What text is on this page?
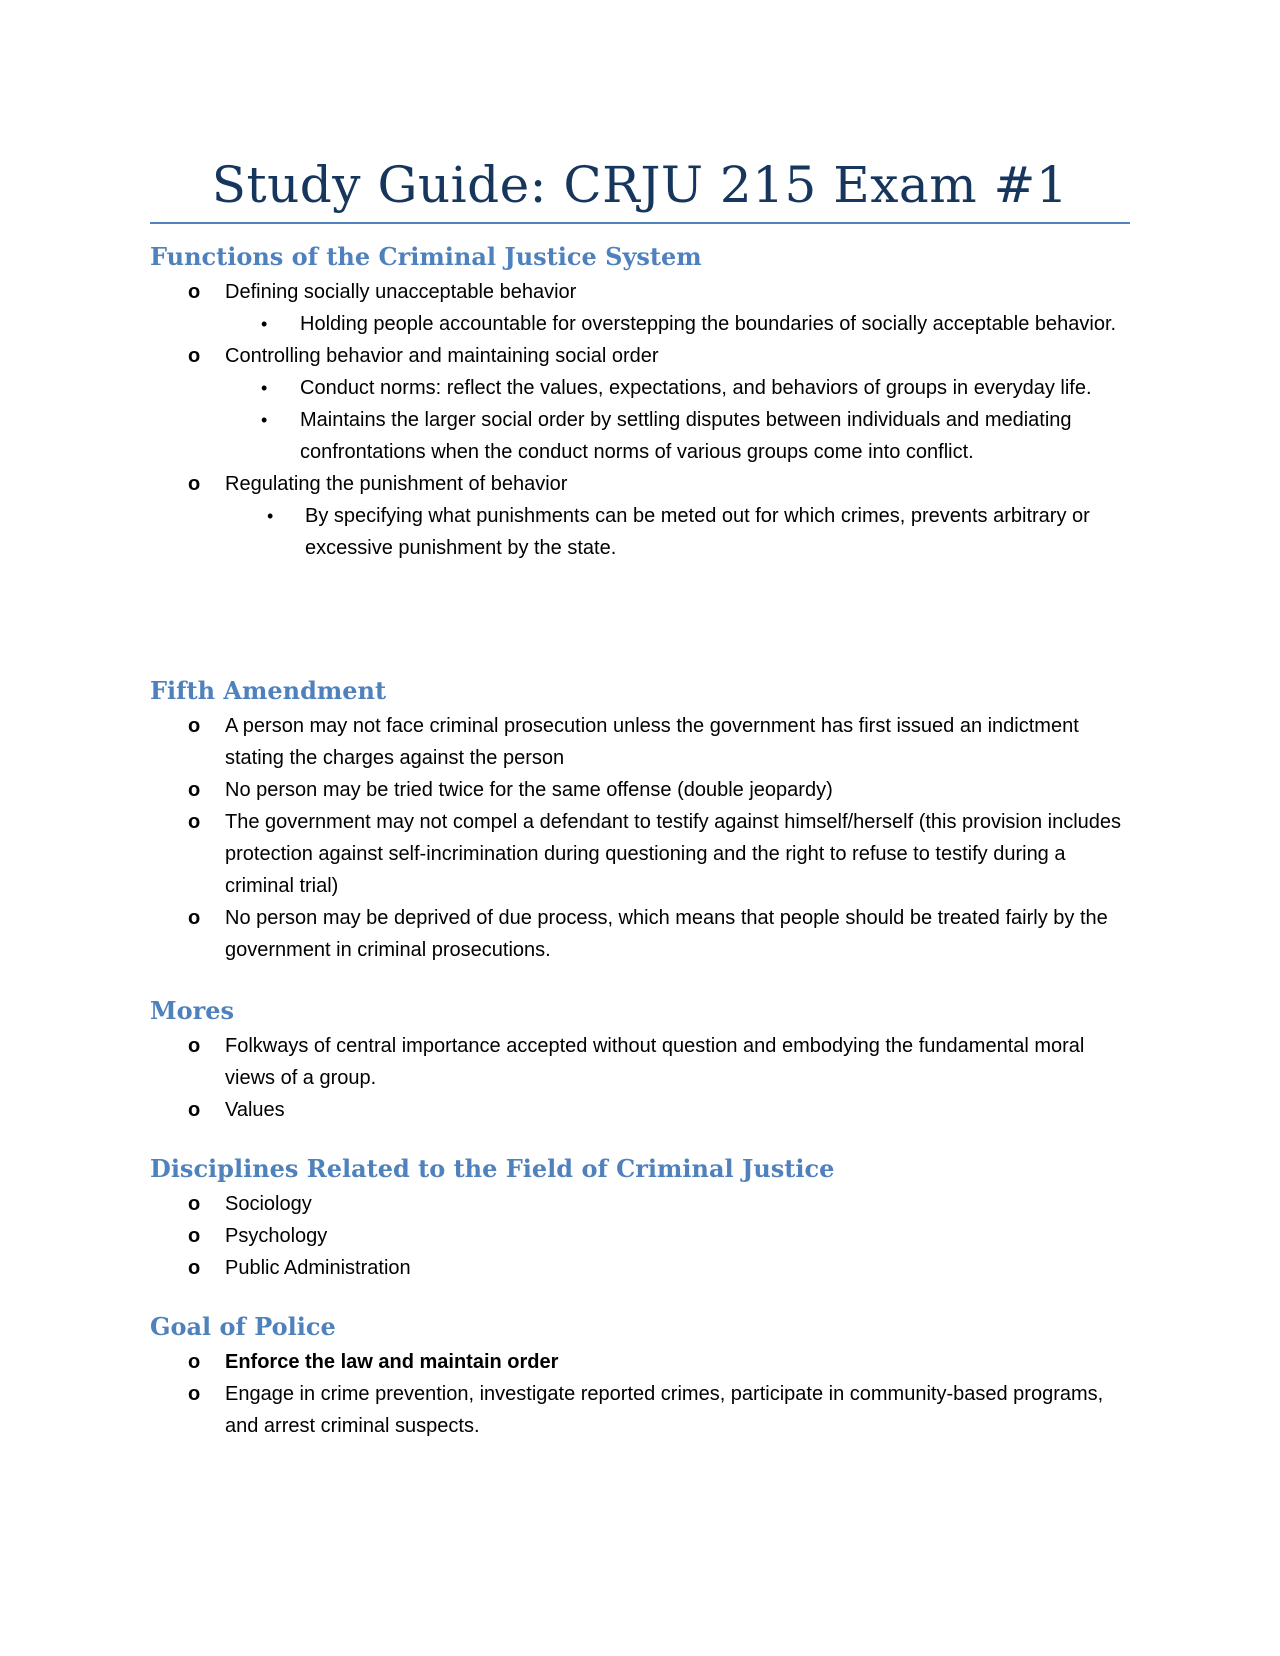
Study Guide: CRJU 215 Exam #1
Functions of the Criminal Justice System
o Defining socially unacceptable behavior
• Holding people accountable for overstepping the boundaries of socially acceptable behavior.
o Controlling behavior and maintaining social order
• Conduct norms: reflect the values, expectations, and behaviors of groups in everyday life.
• Maintains the larger social order by settling disputes between individuals and mediating confrontations when the conduct norms of various groups come into conflict.
o Regulating the punishment of behavior
• By specifying what punishments can be meted out for which crimes, prevents arbitrary or excessive punishment by the state.
Fifth Amendment
o A person may not face criminal prosecution unless the government has first issued an indictment stating the charges against the person
o No person may be tried twice for the same offense (double jeopardy)
o The government may not compel a defendant to testify against himself/herself (this provision includes protection against self-incrimination during questioning and the right to refuse to testify during a criminal trial)
o No person may be deprived of due process, which means that people should be treated fairly by the government in criminal prosecutions.
Mores
o Folkways of central importance accepted without question and embodying the fundamental moral views of a group.
o Values
Disciplines Related to the Field of Criminal Justice
o Sociology
o Psychology
o Public Administration
Goal of Police
o Enforce the law and maintain order
o Engage in crime prevention, investigate reported crimes, participate in community-based programs, and arrest criminal suspects.
